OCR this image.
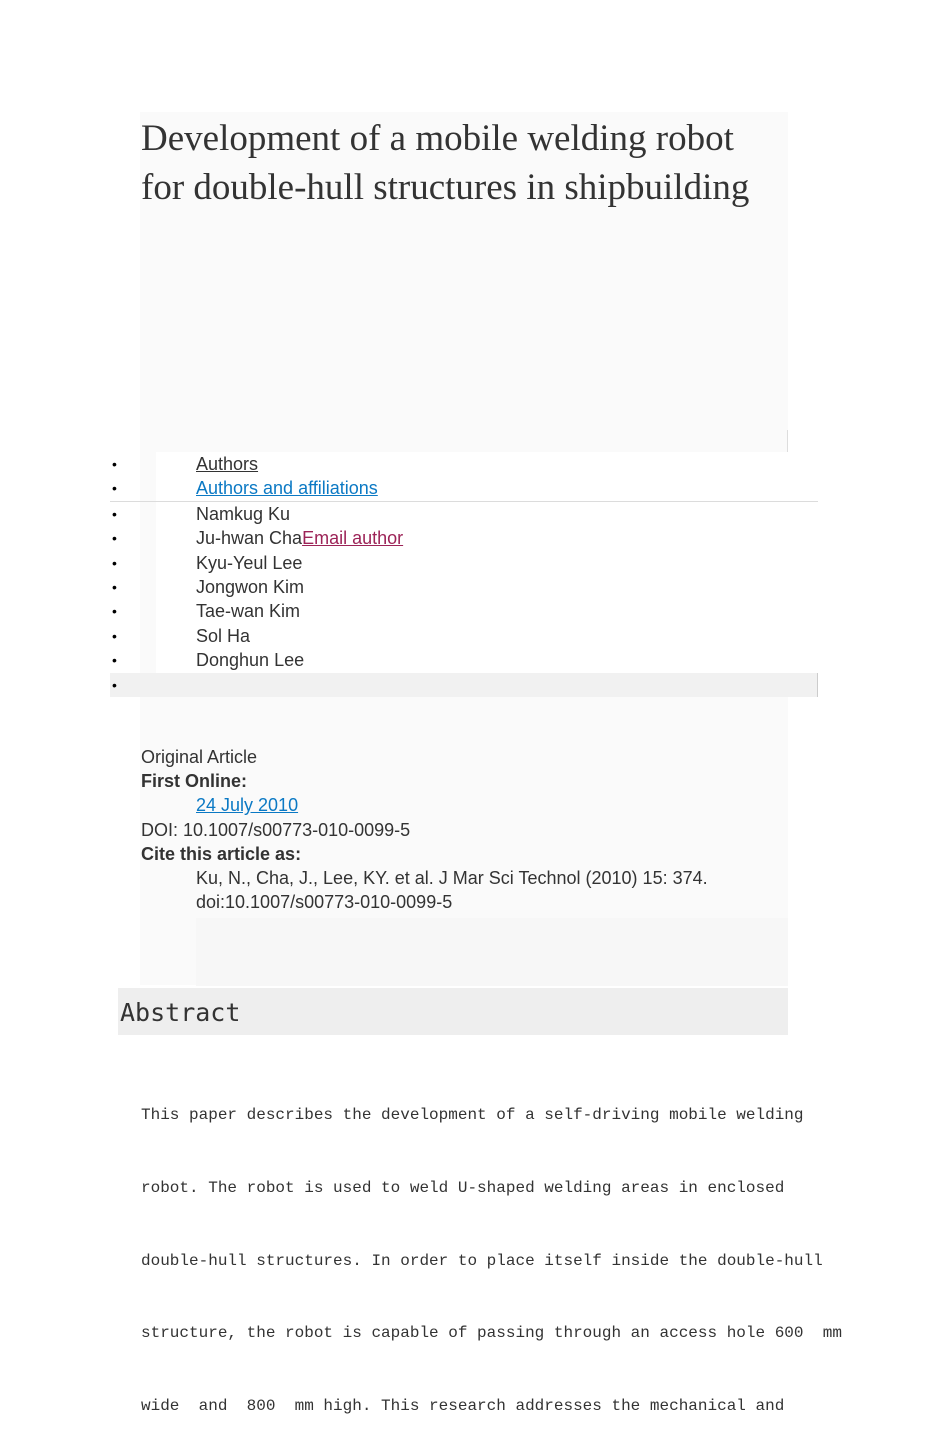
Development of a mobile welding robot for double-hull structures in shipbuilding
•	Authors
•	Authors and affiliations
•	Namkug Ku
•	Ju-hwan ChaEmail author
•	Kyu-Yeul Lee
•	Jongwon Kim
•	Tae-wan Kim
•	Sol Ha
•	Donghun Lee
•
Original Article
First Online:
24 July 2010
DOI: 10.1007/s00773-010-0099-5
Cite this article as:
Ku, N., Cha, J., Lee, KY. et al. J Mar Sci Technol (2010) 15: 374.
doi:10.1007/s00773-010-0099-5
Abstract

This paper describes the development of a self-driving mobile welding

robot. The robot is used to weld U-shaped welding areas in enclosed

double-hull structures. In order to place itself inside the double-hull

structure, the robot is capable of passing through an access hole 600  mm

wide  and  800  mm high. This research addresses the mechanical and
